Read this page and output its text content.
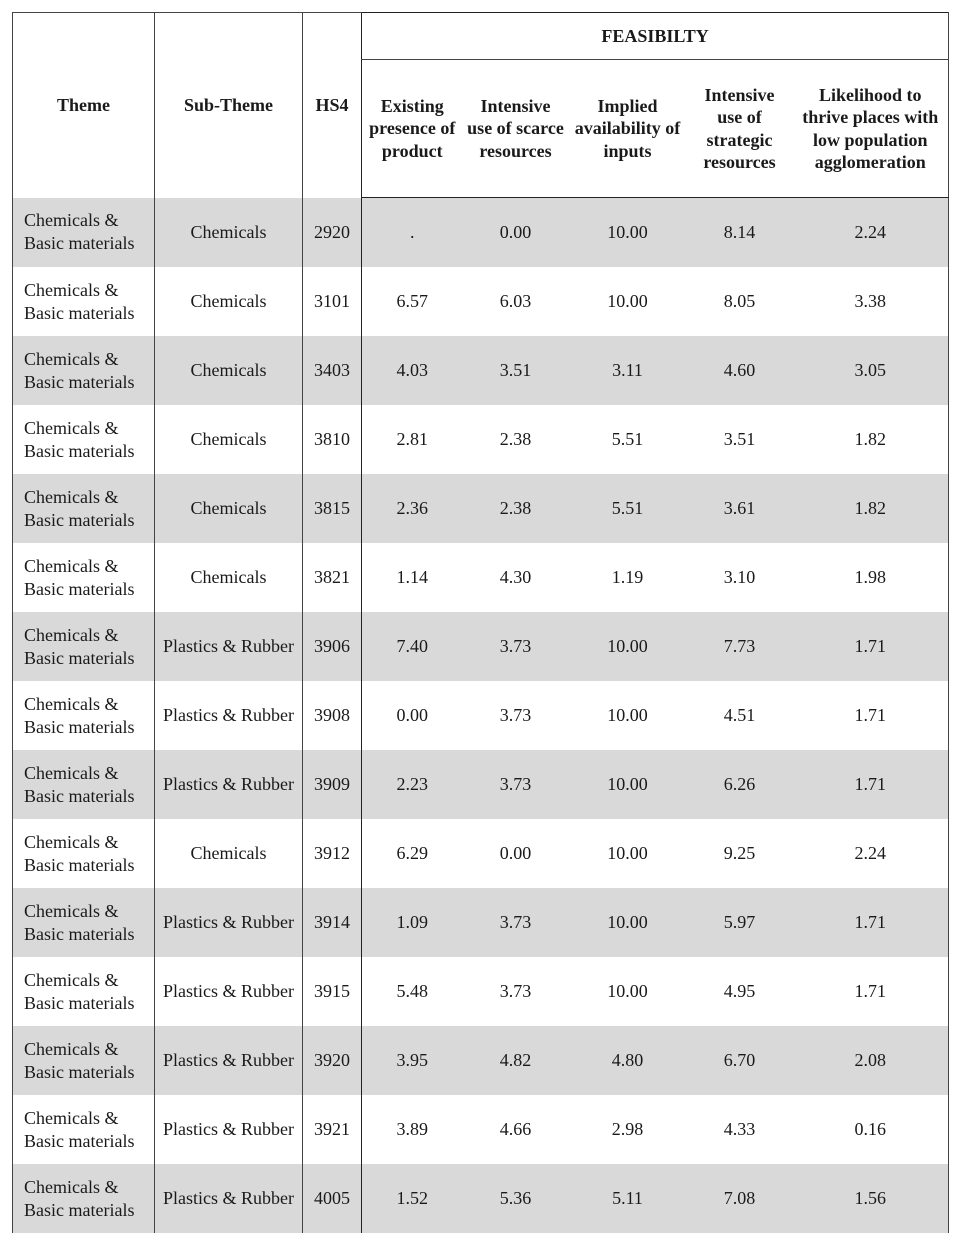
Theme	Sub-Theme	HS4	FEASIBILTY				
			Existing presence of product	Intensive use of scarce resources	Implied availability of inputs	Intensive use of strategic resources	Likelihood to thrive places with low population agglomeration
Chemicals & Basic materials	Chemicals	2920	.	0.00	10.00	8.14	2.24
Chemicals & Basic materials	Chemicals	3101	6.57	6.03	10.00	8.05	3.38
Chemicals & Basic materials	Chemicals	3403	4.03	3.51	3.11	4.60	3.05
Chemicals & Basic materials	Chemicals	3810	2.81	2.38	5.51	3.51	1.82
Chemicals & Basic materials	Chemicals	3815	2.36	2.38	5.51	3.61	1.82
Chemicals & Basic materials	Chemicals	3821	1.14	4.30	1.19	3.10	1.98
Chemicals & Basic materials	Plastics & Rubber	3906	7.40	3.73	10.00	7.73	1.71
Chemicals & Basic materials	Plastics & Rubber	3908	0.00	3.73	10.00	4.51	1.71
Chemicals & Basic materials	Plastics & Rubber	3909	2.23	3.73	10.00	6.26	1.71
Chemicals & Basic materials	Chemicals	3912	6.29	0.00	10.00	9.25	2.24
Chemicals & Basic materials	Plastics & Rubber	3914	1.09	3.73	10.00	5.97	1.71
Chemicals & Basic materials	Plastics & Rubber	3915	5.48	3.73	10.00	4.95	1.71
Chemicals & Basic materials	Plastics & Rubber	3920	3.95	4.82	4.80	6.70	2.08
Chemicals & Basic materials	Plastics & Rubber	3921	3.89	4.66	2.98	4.33	0.16
Chemicals & Basic materials	Plastics & Rubber	4005	1.52	5.36	5.11	7.08	1.56
